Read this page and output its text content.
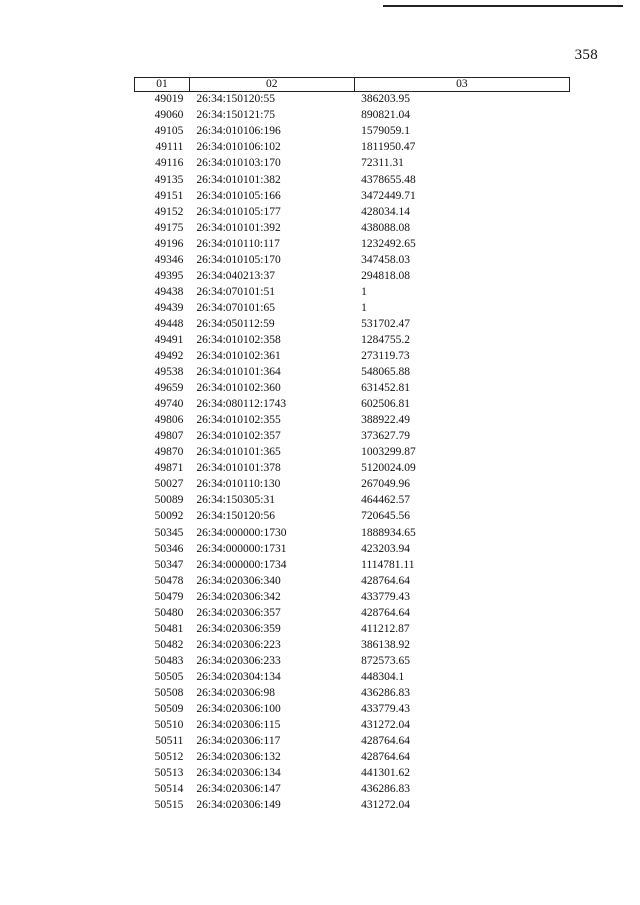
358
01	02	03
49019	26:34:150120:55	386203.95
49060	26:34:150121:75	890821.04
49105	26:34:010106:196	1579059.1
49111	26:34:010106:102	1811950.47
49116	26:34:010103:170	72311.31
49135	26:34:010101:382	4378655.48
49151	26:34:010105:166	3472449.71
49152	26:34:010105:177	428034.14
49175	26:34:010101:392	438088.08
49196	26:34:010110:117	1232492.65
49346	26:34:010105:170	347458.03
49395	26:34:040213:37	294818.08
49438	26:34:070101:51	1
49439	26:34:070101:65	1
49448	26:34:050112:59	531702.47
49491	26:34:010102:358	1284755.2
49492	26:34:010102:361	273119.73
49538	26:34:010101:364	548065.88
49659	26:34:010102:360	631452.81
49740	26:34:080112:1743	602506.81
49806	26:34:010102:355	388922.49
49807	26:34:010102:357	373627.79
49870	26:34:010101:365	1003299.87
49871	26:34:010101:378	5120024.09
50027	26:34:010110:130	267049.96
50089	26:34:150305:31	464462.57
50092	26:34:150120:56	720645.56
50345	26:34:000000:1730	1888934.65
50346	26:34:000000:1731	423203.94
50347	26:34:000000:1734	1114781.11
50478	26:34:020306:340	428764.64
50479	26:34:020306:342	433779.43
50480	26:34:020306:357	428764.64
50481	26:34:020306:359	411212.87
50482	26:34:020306:223	386138.92
50483	26:34:020306:233	872573.65
50505	26:34:020304:134	448304.1
50508	26:34:020306:98	436286.83
50509	26:34:020306:100	433779.43
50510	26:34:020306:115	431272.04
50511	26:34:020306:117	428764.64
50512	26:34:020306:132	428764.64
50513	26:34:020306:134	441301.62
50514	26:34:020306:147	436286.83
50515	26:34:020306:149	431272.04
